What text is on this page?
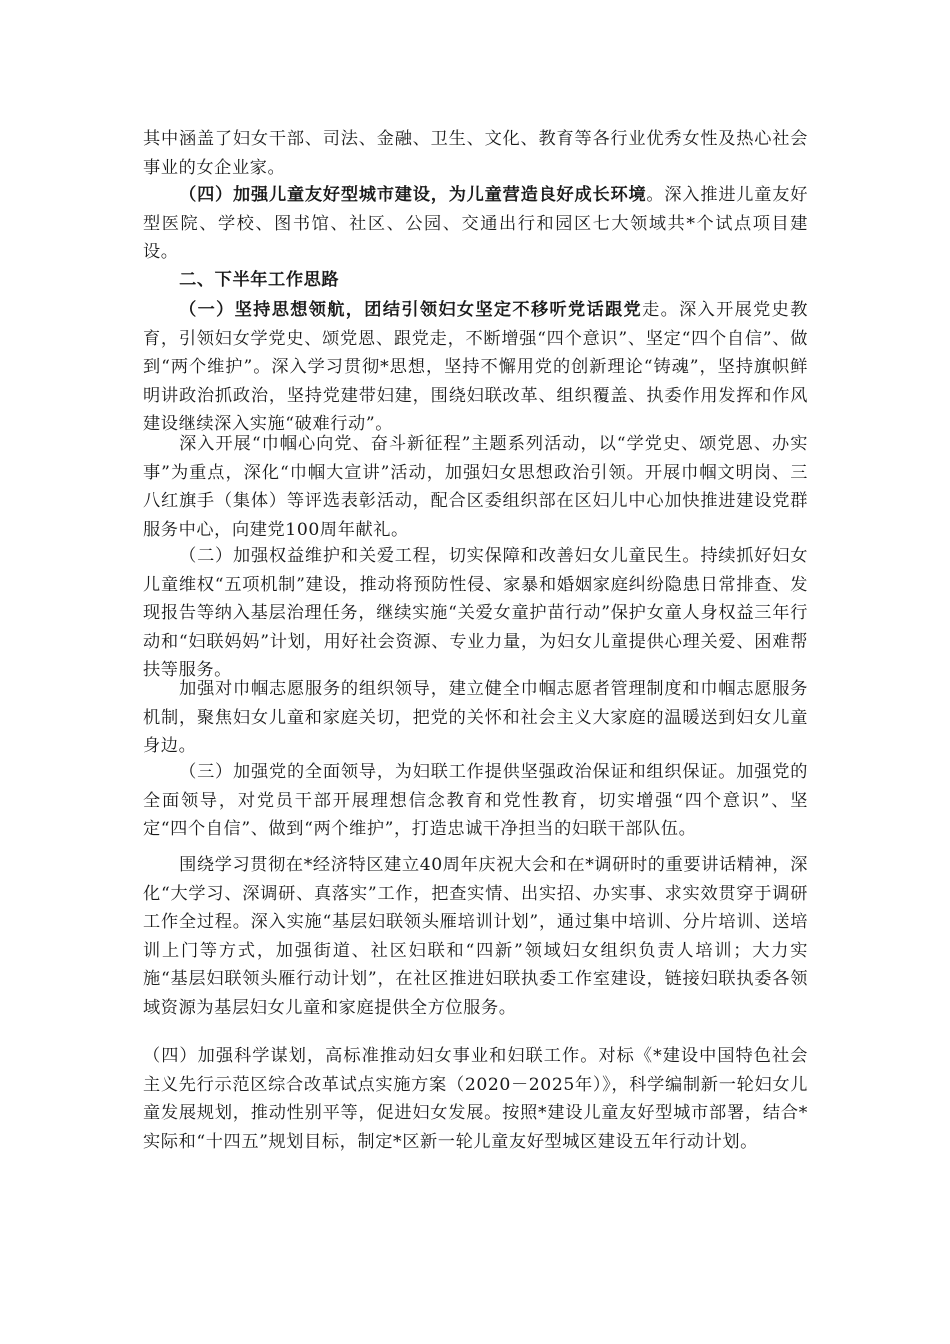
其中涵盖了妇女干部、司法、金融、卫生、文化、教育等各行业优秀女性及热心社会事业的女企业家。

（四）加强儿童友好型城市建设，为儿童营造良好成长环境。深入推进儿童友好型医院、学校、图书馆、社区、公园、交通出行和园区七大领域共*个试点项目建设。

二、下半年工作思路

（一）坚持思想领航，团结引领妇女坚定不移听党话跟党走。深入开展党史教育，引领妇女学党史、颂党恩、跟党走，不断增强“四个意识”、坚定“四个自信”、做到“两个维护”。深入学习贯彻*思想，坚持不懈用党的创新理论“铸魂”，坚持旗帜鲜明讲政治抓政治，坚持党建带妇建，围绕妇联改革、组织覆盖、执委作用发挥和作风建设继续深入实施“破难行动”。

深入开展“巾帼心向党、奋斗新征程”主题系列活动，以“学党史、颂党恩、办实事”为重点，深化“巾帼大宣讲”活动，加强妇女思想政治引领。开展巾帼文明岗、三八红旗手（集体）等评选表彰活动，配合区委组织部在区妇儿中心加快推进建设党群服务中心，向建党100周年献礼。

（二）加强权益维护和关爱工程，切实保障和改善妇女儿童民生。持续抓好妇女儿童维权“五项机制”建设，推动将预防性侵、家暴和婚姻家庭纠纷隐患日常排查、发现报告等纳入基层治理任务，继续实施“关爱女童护苗行动”保护女童人身权益三年行动和“妇联妈妈”计划，用好社会资源、专业力量，为妇女儿童提供心理关爱、困难帮扶等服务。

加强对巾帼志愿服务的组织领导，建立健全巾帼志愿者管理制度和巾帼志愿服务机制，聚焦妇女儿童和家庭关切，把党的关怀和社会主义大家庭的温暖送到妇女儿童身边。

（三）加强党的全面领导，为妇联工作提供坚强政治保证和组织保证。加强党的全面领导，对党员干部开展理想信念教育和党性教育，切实增强“四个意识”、坚定“四个自信”、做到“两个维护”，打造忠诚干净担当的妇联干部队伍。

围绕学习贯彻在*经济特区建立40周年庆祝大会和在*调研时的重要讲话精神，深化“大学习、深调研、真落实”工作，把查实情、出实招、办实事、求实效贯穿于调研工作全过程。深入实施“基层妇联领头雁培训计划”，通过集中培训、分片培训、送培训上门等方式，加强街道、社区妇联和“四新”领域妇女组织负责人培训；大力实施“基层妇联领头雁行动计划”，在社区推进妇联执委工作室建设，链接妇联执委各领域资源为基层妇女儿童和家庭提供全方位服务。

（四）加强科学谋划，高标准推动妇女事业和妇联工作。对标《*建设中国特色社会主义先行示范区综合改革试点实施方案（2020－2025年）》，科学编制新一轮妇女儿童发展规划，推动性别平等，促进妇女发展。按照*建设儿童友好型城市部署，结合*实际和“十四五”规划目标，制定*区新一轮儿童友好型城区建设五年行动计划。
